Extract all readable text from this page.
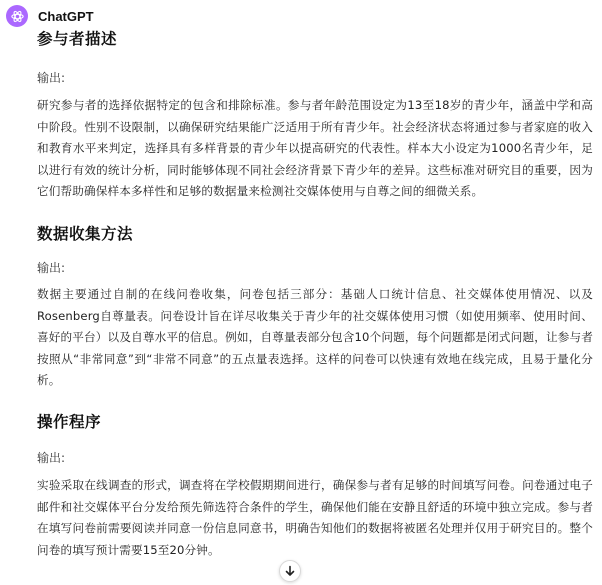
ChatGPT
参与者描述
输出:

研究参与者的选择依据特定的包含和排除标准。参与者年龄范围设定为13至18岁的青少年，涵盖中学和高中阶段。性别不设限制，以确保研究结果能广泛适用于所有青少年。社会经济状态将通过参与者家庭的收入和教育水平来判定，选择具有多样背景的青少年以提高研究的代表性。样本大小设定为1000名青少年，足以进行有效的统计分析，同时能够体现不同社会经济背景下青少年的差异。这些标准对研究目的重要，因为它们帮助确保样本多样性和足够的数据量来检测社交媒体使用与自尊之间的细微关系。

数据收集方法
输出:

数据主要通过自制的在线问卷收集，问卷包括三部分：基础人口统计信息、社交媒体使用情况、以及Rosenberg自尊量表。问卷设计旨在详尽收集关于青少年的社交媒体使用习惯（如使用频率、使用时间、喜好的平台）以及自尊水平的信息。例如，自尊量表部分包含10个问题，每个问题都是闭式问题，让参与者按照从“非常同意”到“非常不同意”的五点量表选择。这样的问卷可以快速有效地在线完成，且易于量化分析。

操作程序
输出:

实验采取在线调查的形式，调查将在学校假期期间进行，确保参与者有足够的时间填写问卷。问卷通过电子邮件和社交媒体平台分发给预先筛选符合条件的学生，确保他们能在安静且舒适的环境中独立完成。参与者在填写问卷前需要阅读并同意一份信息同意书，明确告知他们的数据将被匿名处理并仅用于研究目的。整个问卷的填写预计需要15至20分钟。
